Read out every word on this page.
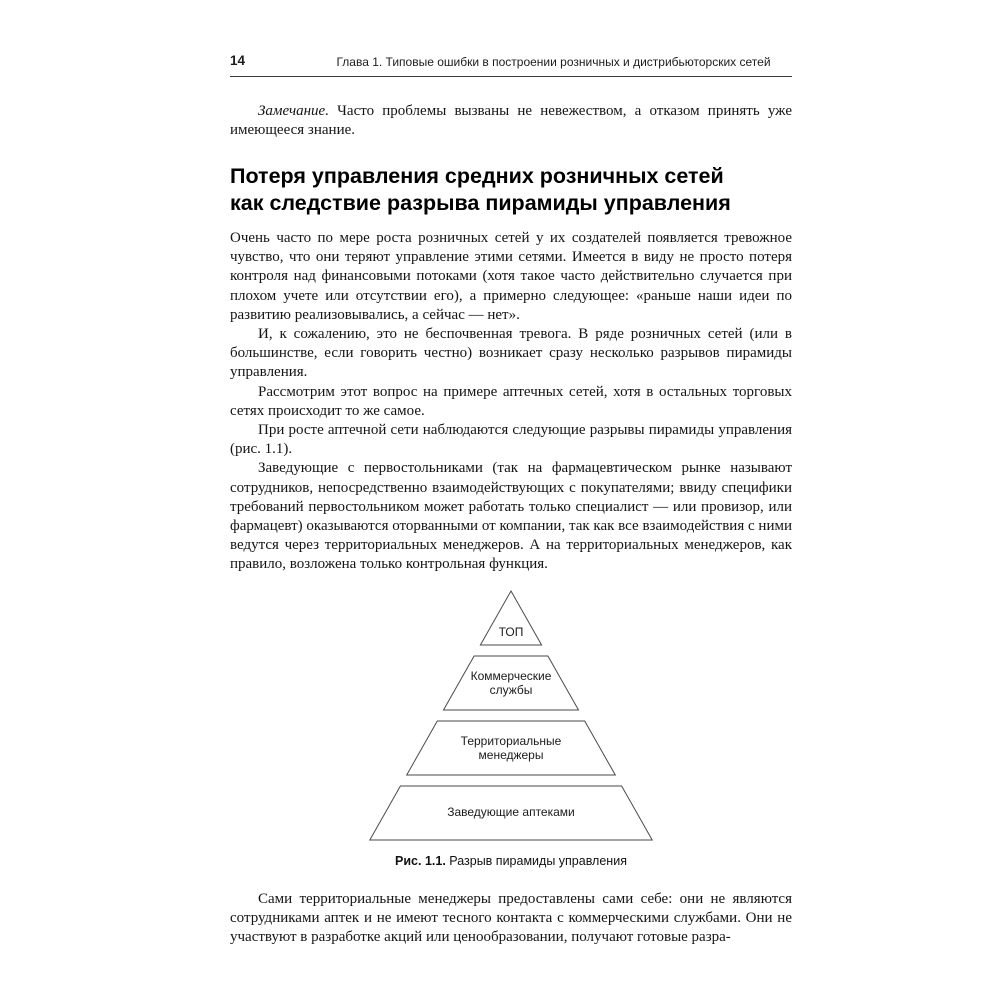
14	Глава 1. Типовые ошибки в построении розничных и дистрибьюторских сетей

Замечание. Часто проблемы вызваны не невежеством, а отказом принять уже имеющееся знание.

Потеря управления средних розничных сетей
как следствие разрыва пирамиды управления

Очень часто по мере роста розничных сетей у их создателей появляется тревожное чувство, что они теряют управление этими сетями. Имеется в виду не просто потеря контроля над финансовыми потоками (хотя такое часто действительно случается при плохом учете или отсутствии его), а примерно следующее: «раньше наши идеи по развитию реализовывались, а сейчас — нет».

И, к сожалению, это не беспочвенная тревога. В ряде розничных сетей (или в большинстве, если говорить честно) возникает сразу несколько разрывов пирамиды управления.

Рассмотрим этот вопрос на примере аптечных сетей, хотя в остальных торговых сетях происходит то же самое.

При росте аптечной сети наблюдаются следующие разрывы пирамиды управления (рис. 1.1).

Заведующие с первостольниками (так на фармацевтическом рынке называют сотрудников, непосредственно взаимодействующих с покупателями; ввиду специфики требований первостольником может работать только специалист — или провизор, или фармацевт) оказываются оторванными от компании, так как все взаимодействия с ними ведутся через территориальных менеджеров. А на территориальных менеджеров, как правило, возложена только контрольная функция.

ТОП
Коммерческие службы
Территориальные менеджеры
Заведующие аптеками
Рис. 1.1. Разрыв пирамиды управления

Сами территориальные менеджеры предоставлены сами себе: они не являются сотрудниками аптек и не имеют тесного контакта с коммерческими службами. Они не участвуют в разработке акций или ценообразовании, получают готовые разра-
